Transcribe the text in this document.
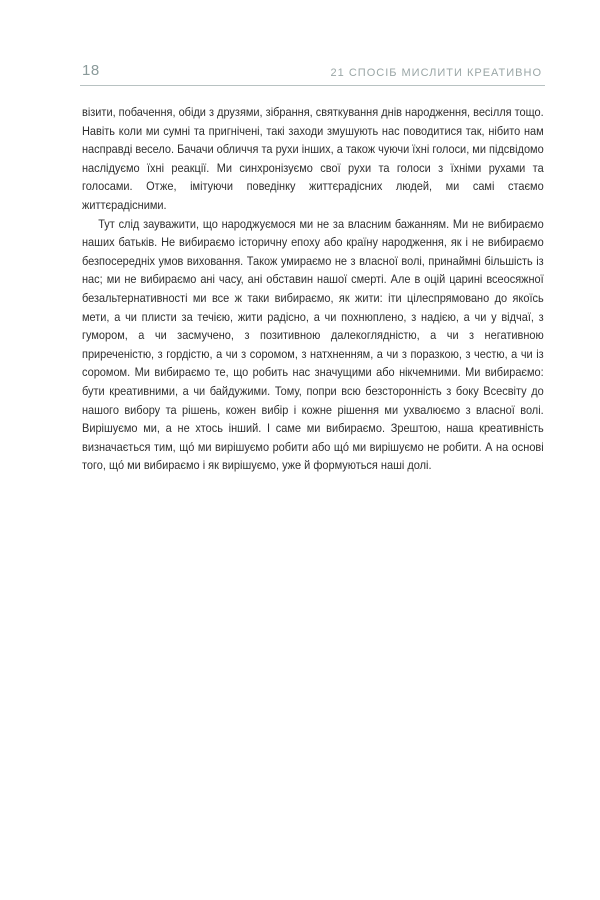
18	21 СПОСІБ МИСЛИТИ КРЕАТИВНО

візити, побачення, обіди з друзями, зібрання, святкування днів народження, весілля тощо. Навіть коли ми сумні та пригнічені, такі заходи змушують нас поводитися так, нібито нам насправді весело. Бачачи обличчя та рухи інших, а також чуючи їхні голоси, ми підсвідомо наслідуємо їхні реакції. Ми синхронізуємо свої рухи та голоси з їхніми рухами та голосами. Отже, імітуючи поведінку життєрадісних людей, ми самі стаємо життєрадісними.

Тут слід зауважити, що народжуємося ми не за власним бажанням. Ми не вибираємо наших батьків. Не вибираємо історичну епоху або країну народження, як і не вибираємо безпосередніх умов виховання. Також умираємо не з власної волі, принаймні більшість із нас; ми не вибираємо ані часу, ані обставин нашої смерті. Але в оцій царині всеосяжної безальтернативності ми все ж таки вибираємо, як жити: іти цілеспрямовано до якоїсь мети, а чи плисти за течією, жити радісно, а чи похнюплено, з надією, а чи у відчаї, з гумором, а чи засмучено, з позитивною далекоглядністю, а чи з негативною приреченістю, з гордістю, а чи з соромом, з натхненням, а чи з поразкою, з честю, а чи із соромом. Ми вибираємо те, що робить нас значущими або нікчемними. Ми вибираємо: бути креативними, а чи байдужими. Тому, попри всю безсторонність з боку Всесвіту до нашого вибору та рішень, кожен вибір і кожне рішення ми ухвалюємо з власної волі. Вирішуємо ми, а не хтось інший. І саме ми вибираємо. Зрештою, наша креативність визначається тим, щó ми вирішуємо робити або щó ми вирішуємо не робити. А на основі того, щó ми вибираємо і як вирішуємо, уже й формуються наші долі.
